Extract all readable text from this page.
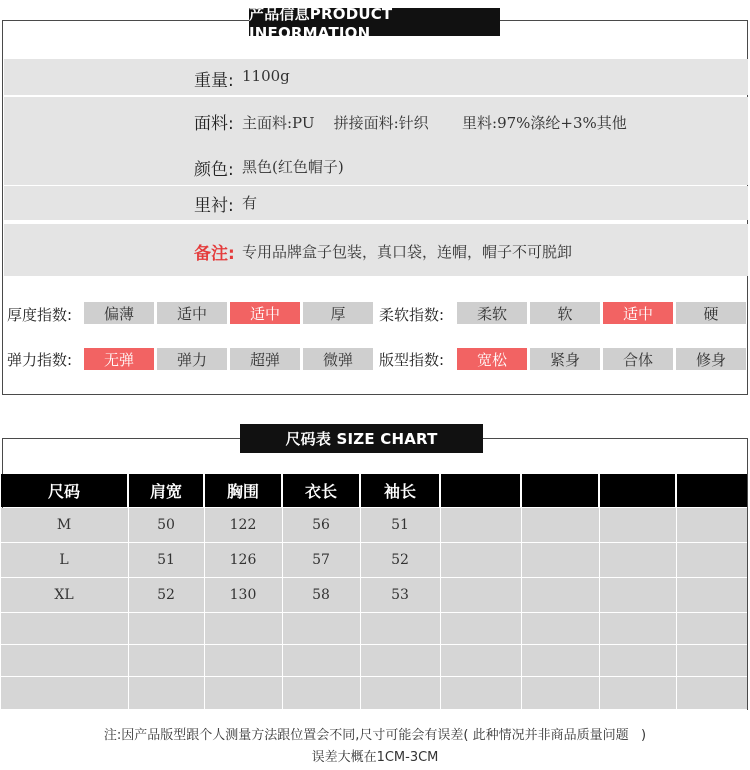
重量: 1100g
面料: 主面料:PU    拼接面料:针织       里料:97%涤纶+3%其他
颜色: 黑色(红色帽子)
里衬: 有
备注: 专用品牌盒子包装，真口袋，连帽，帽子不可脱卸
厚度指数:	偏薄	适中	适中	厚	柔软指数:	柔软	软	适中	硬
弹力指数:	无弹	弹力	超弹	微弹	版型指数:	宽松	紧身	合体	修身
产品信息PRODUCT INFORMATION
尺码表 SIZE CHART
尺码	肩宽	胸围	衣长	袖长
M	50	122	56	51
L	51	126	57	52
XL	52	130	58	53
注:因产品版型跟个人测量方法跟位置会不同,尺寸可能会有误差( 此种情况并非商品质量问题   )
误差大概在1CM-3CM
